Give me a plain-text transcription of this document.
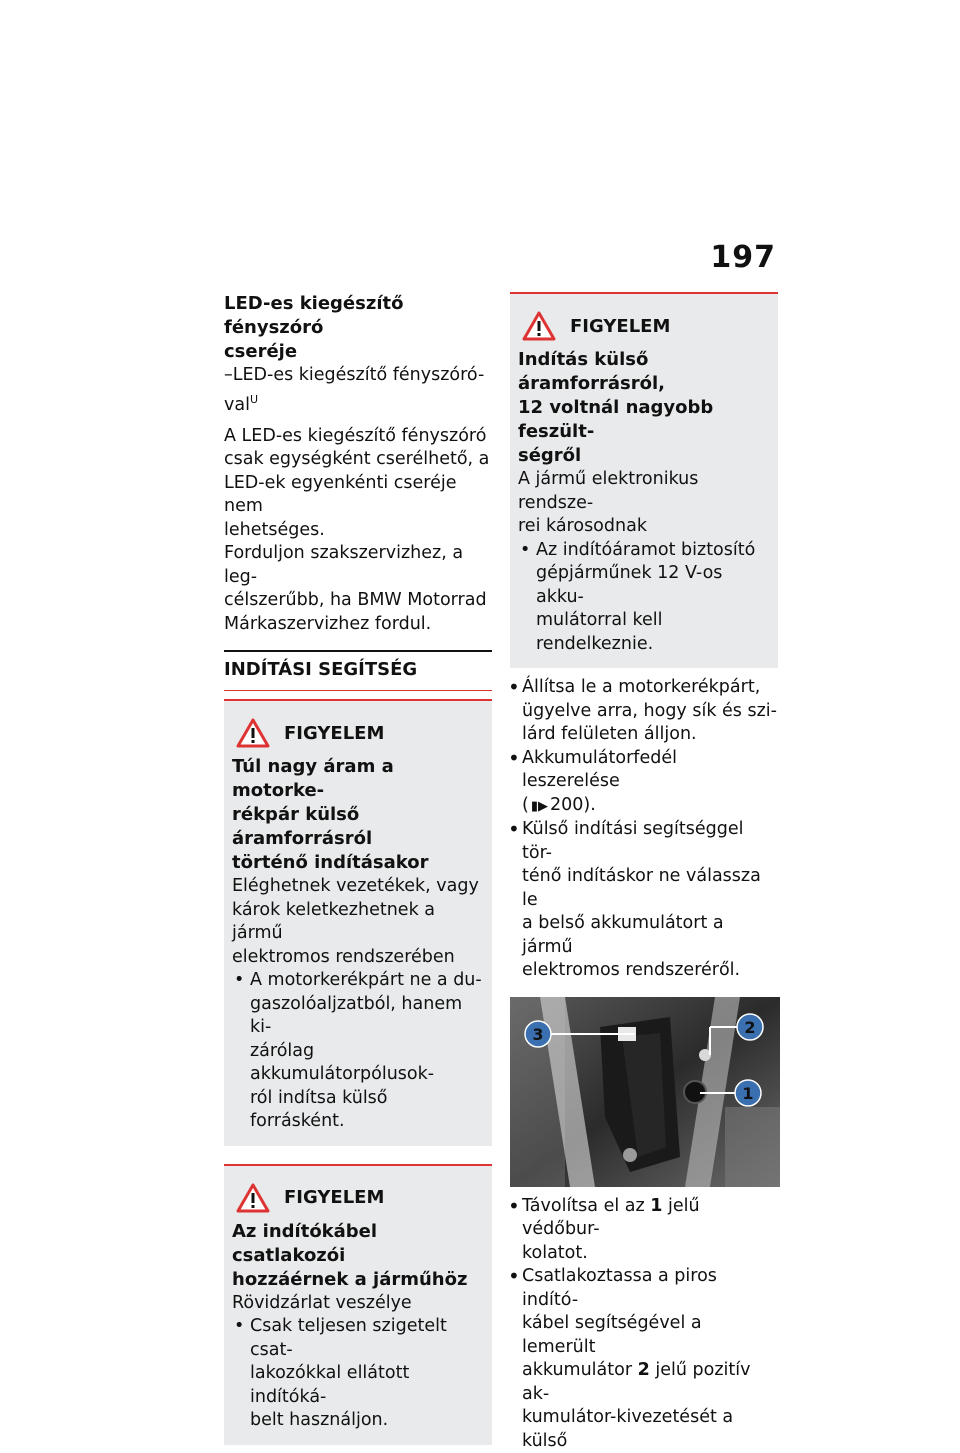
197

LED-es kiegészítő fényszóró

cseréje

–LED-es kiegészítő fényszóró-val$^U$

A LED-es kiegészítő fényszóró

csak egységként cserélhető, a

LED-ek egyenkénti cseréje nem

lehetséges.

Forduljon szakszervizhez, a leg-

célszerűbb, ha BMW Motorrad

Márkaszervizhez fordul.

INDÍTÁSI SEGÍTSÉG
FIGYELEM

Túl nagy áram a motorke-

rékpár külső áramforrásról

történő indításakor

Eléghetnek vezetékek, vagy

károk keletkezhetnek a jármű

elektromos rendszerében

• A motorkerékpárt ne a du-

gaszolóaljzatból, hanem ki-

zárólag akkumulátorpólusok-

ról indítsa külső forrásként.

FIGYELEM

Az indítókábel csatlakozói

hozzáérnek a járműhöz

Rövidzárlat veszélye

• Csak teljesen szigetelt csat-

lakozókkal ellátott indítóká-

belt használjon.

FIGYELEM

Indítás külső áramforrásról,

12 voltnál nagyobb feszült-

ségről

A jármű elektronikus rendsze-

rei károsodnak

• Az indítóáramot biztosító

gépjárműnek 12 V-os akku-

mulátorral kell rendelkeznie.

• Állítsa le a motorkerékpárt,

ügyelve arra, hogy sík és szi-

lárd felületen álljon.

• Akkumulátorfedél leszerelése

( ▮▶ 200).

• Külső indítási segítséggel tör-

ténő indításkor ne válassza le

a belső akkumulátort a jármű

elektromos rendszeréről.

3	2
1

• Távolítsa el az 1 jelű védőbur-

kolatot.

• Csatlakoztassa a piros indító-

kábel segítségével a lemerült

akkumulátor 2 jelű pozitív ak-

kumulátor-kivezetését a külső
